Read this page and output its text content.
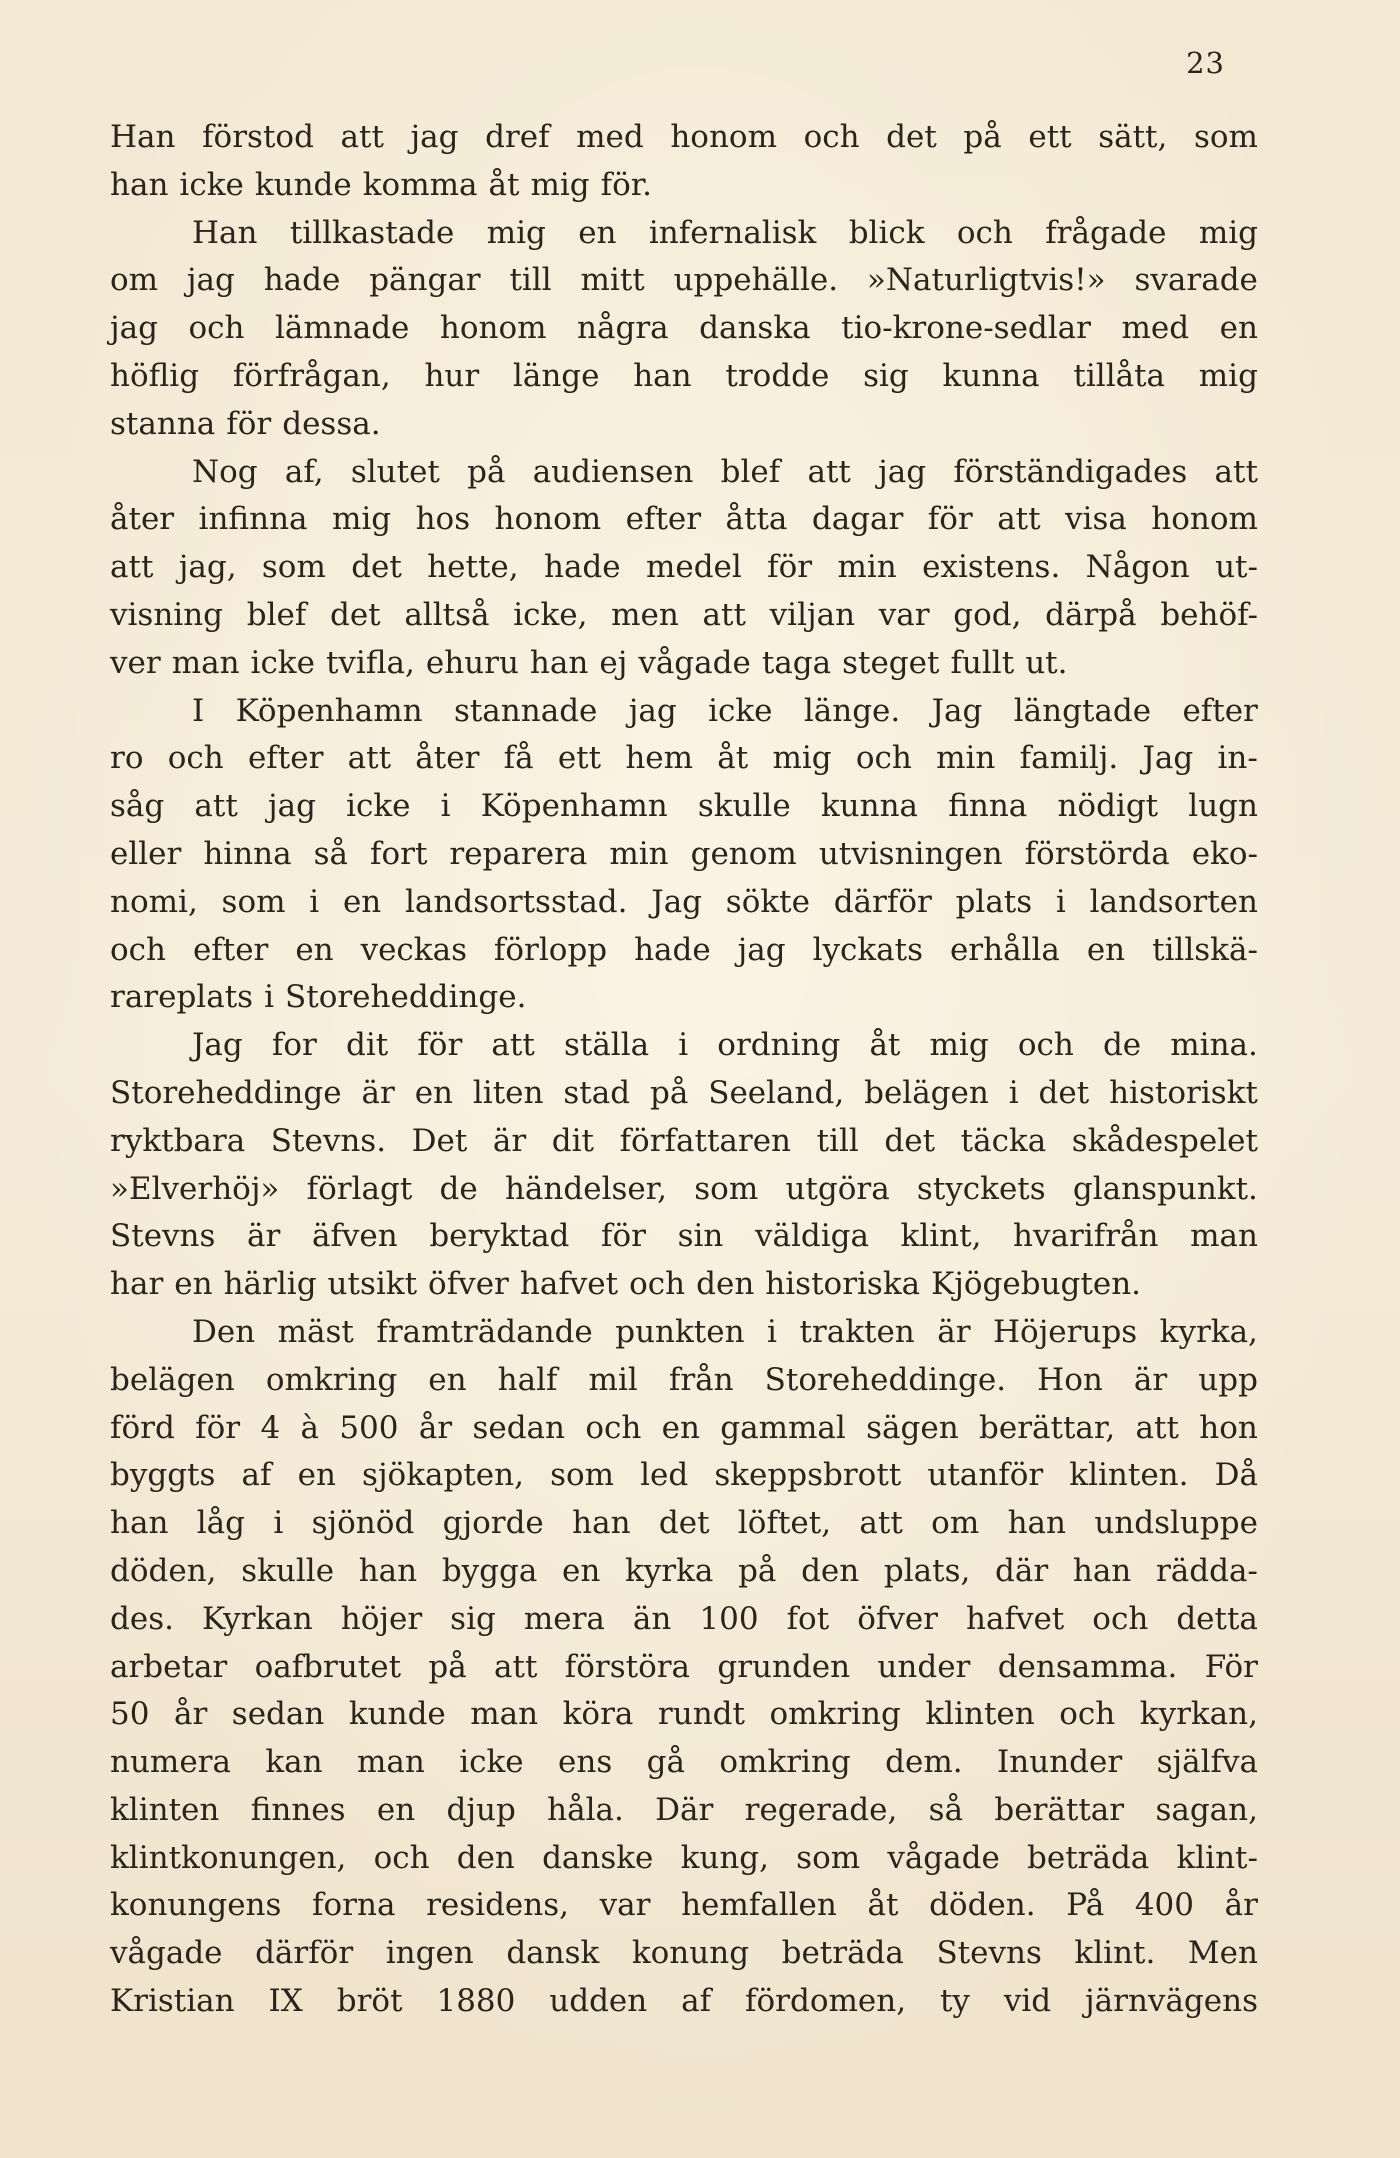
23
Han förstod att jag dref med honom och det på ett sätt, som
han icke kunde komma åt mig för.
Han tillkastade mig en infernalisk blick och frågade mig
om jag hade pängar till mitt uppehälle. »Naturligtvis!» svarade
jag och lämnade honom några danska tio-krone-sedlar med en
höflig förfrågan, hur länge han trodde sig kunna tillåta mig
stanna för dessa.
Nog af, slutet på audiensen blef att jag förständigades att
åter infinna mig hos honom efter åtta dagar för att visa honom
att jag, som det hette, hade medel för min existens. Någon ut-
visning blef det alltså icke, men att viljan var god, därpå behöf-
ver man icke tvifla, ehuru han ej vågade taga steget fullt ut.
I Köpenhamn stannade jag icke länge. Jag längtade efter
ro och efter att åter få ett hem åt mig och min familj. Jag in-
såg att jag icke i Köpenhamn skulle kunna finna nödigt lugn
eller hinna så fort reparera min genom utvisningen förstörda eko-
nomi, som i en landsortsstad. Jag sökte därför plats i landsorten
och efter en veckas förlopp hade jag lyckats erhålla en tillskä-
rareplats i Storeheddinge.
Jag for dit för att ställa i ordning åt mig och de mina.
Storeheddinge är en liten stad på Seeland, belägen i det historiskt
ryktbara Stevns. Det är dit författaren till det täcka skådespelet
»Elverhöj» förlagt de händelser, som utgöra styckets glanspunkt.
Stevns är äfven beryktad för sin väldiga klint, hvarifrån man
har en härlig utsikt öfver hafvet och den historiska Kjögebugten.
Den mäst framträdande punkten i trakten är Höjerups kyrka,
belägen omkring en half mil från Storeheddinge. Hon är upp
förd för 4 à 500 år sedan och en gammal sägen berättar, att hon
byggts af en sjökapten, som led skeppsbrott utanför klinten. Då
han låg i sjönöd gjorde han det löftet, att om han undsluppe
döden, skulle han bygga en kyrka på den plats, där han rädda-
des. Kyrkan höjer sig mera än 100 fot öfver hafvet och detta
arbetar oafbrutet på att förstöra grunden under densamma. För
50 år sedan kunde man köra rundt omkring klinten och kyrkan,
numera kan man icke ens gå omkring dem. Inunder själfva
klinten finnes en djup håla. Där regerade, så berättar sagan,
klintkonungen, och den danske kung, som vågade beträda klint-
konungens forna residens, var hemfallen åt döden. På 400 år
vågade därför ingen dansk konung beträda Stevns klint. Men
Kristian IX bröt 1880 udden af fördomen, ty vid järnvägens
